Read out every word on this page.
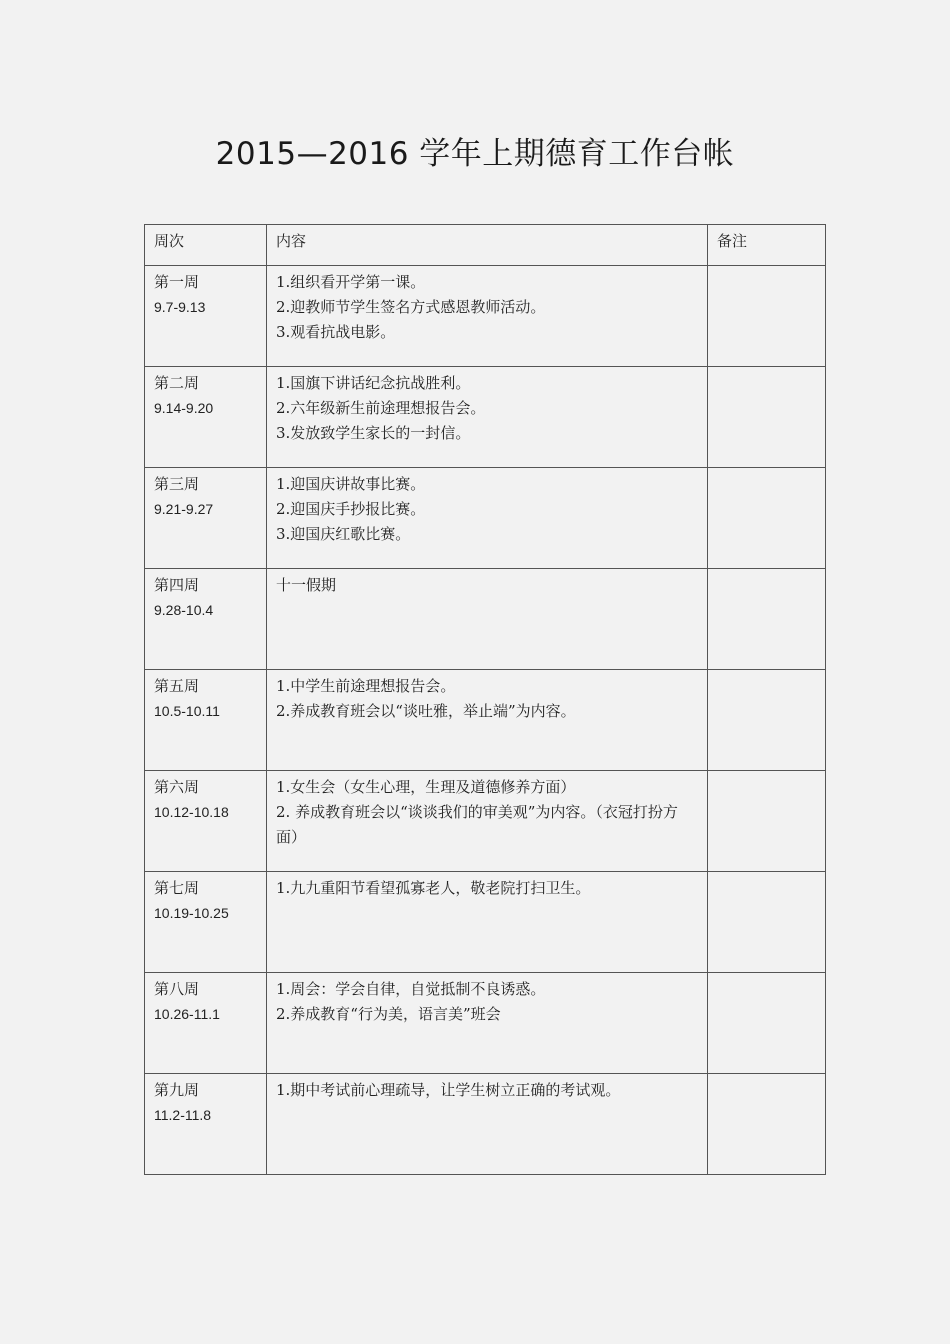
2015—2016 学年上期德育工作台帐
周次	内容	备注

第一周
9.7-9.13	1.组织看开学第一课。
2.迎教师节学生签名方式感恩教师活动。
3.观看抗战电影。	

第二周
9.14-9.20	1.国旗下讲话纪念抗战胜利。
2.六年级新生前途理想报告会。
3.发放致学生家长的一封信。	

第三周
9.21-9.27	1.迎国庆讲故事比赛。
2.迎国庆手抄报比赛。
3.迎国庆红歌比赛。	

第四周
9.28-10.4	十一假期	

第五周
10.5-10.11	1.中学生前途理想报告会。
2.养成教育班会以“谈吐雅，举止端”为内容。	

第六周
10.12-10.18	1.女生会（女生心理，生理及道德修养方面）
2. 养成教育班会以“谈谈我们的审美观”为内容。（衣冠打扮方面）	

第七周
10.19-10.25	1.九九重阳节看望孤寡老人，敬老院打扫卫生。	

第八周
10.26-11.1	1.周会：学会自律，自觉抵制不良诱惑。
2.养成教育“行为美，语言美”班会	

第九周
11.2-11.8	1.期中考试前心理疏导，让学生树立正确的考试观。	
